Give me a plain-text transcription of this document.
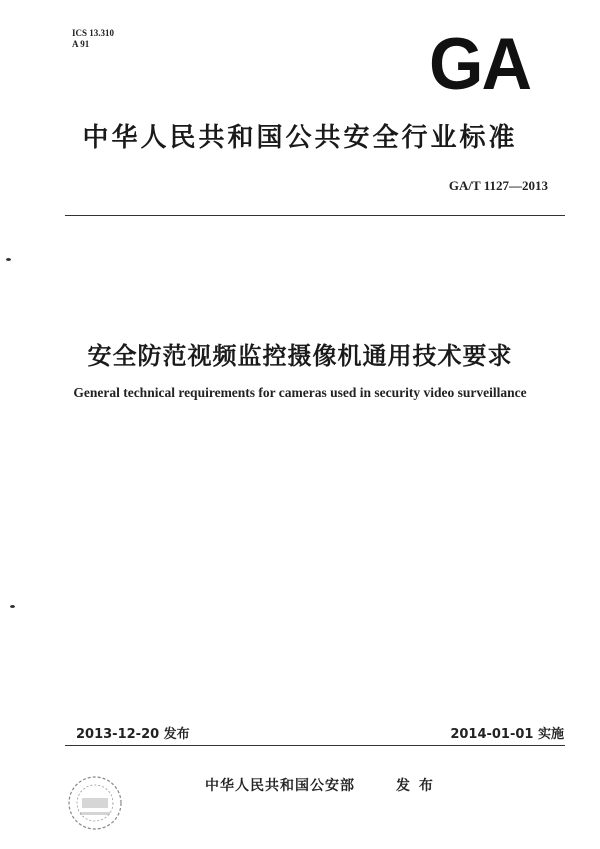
ICS 13.310
A 91	GA
中华人民共和国公共安全行业标准
GA/T 1127—2013
安全防范视频监控摄像机通用技术要求
General technical requirements for cameras used in security video surveillance
2013-12-20 发布	2014-01-01 实施
中华人民共和国公安部	发 布
